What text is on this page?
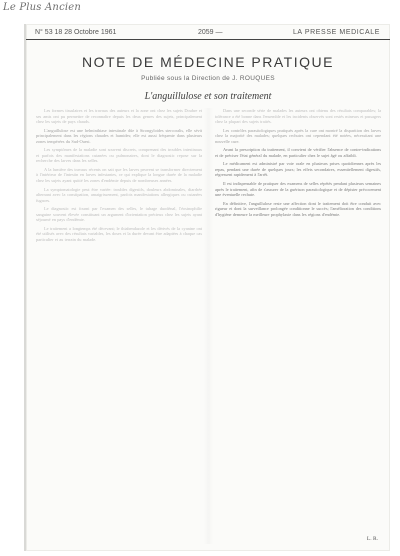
Le Plus Ancien
N° 53 18 28 Octobre 1961	2059 —	LA PRESSE MEDICALE
NOTE DE MÉDECINE PRATIQUE
Publiée sous la Direction de J. ROUQUES
L'anguillulose et son traitement

Les formes tissulaires et les travaux des auteurs et la zone ont chez les sujets Doubre et ses amis ont pu permettre de reconnaître depuis les deux genres des sujets, principalement chez les sujets de pays chauds.

L'anguillulose est une helminthiase intestinale dûe à Strongyloides stercoralis, elle sévit principalement dans les régions chaudes et humides; elle est aussi fréquente dans plusieurs zones tempérées du Sud-Ouest.

Les symptômes de la maladie sont souvent discrets, comprenant des troubles intestinaux et parfois des manifestations cutanées ou pulmonaires, dont le diagnostic repose sur la recherche des larves dans les selles.

A la lumière des travaux récents on sait que les larves peuvent se transformer directement à l'intérieur de l'intestin en larves infestantes, ce qui explique la longue durée de la maladie chez les sujets ayant quitté les zones d'endémie depuis de nombreuses années.

La symptomatologie peut être variée: troubles digestifs, douleurs abdominales, diarrhée alternant avec la constipation, amaigrissement, parfois manifestations allergiques ou cutanées fugaces.

Le diagnostic est fourni par l'examen des selles, le tubage duodénal, l'éosinophilie sanguine souvent élevée constituant un argument d'orientation précieux chez les sujets ayant séjourné en pays d'endémie.

Le traitement a longtemps été décevant; le thiabendazole et les dérivés de la cyanine ont été utilisés avec des résultats variables, les doses et la durée devant être adaptées à chaque cas particulier et au terrain du malade.

Dans une seconde série de malades les auteurs ont obtenu des résultats comparables; la tolérance a été bonne dans l'ensemble et les incidents observés sont restés mineurs et passagers chez la plupart des sujets traités.

Les contrôles parasitologiques pratiqués après la cure ont montré la disparition des larves chez la majorité des malades; quelques rechutes ont cependant été notées, nécessitant une nouvelle cure.

Avant la prescription du traitement, il convient de vérifier l'absence de contre-indications et de préciser l'état général du malade, en particulier chez le sujet âgé ou affaibli.

Le médicament est administré par voie orale en plusieurs prises quotidiennes après les repas, pendant une durée de quelques jours; les effets secondaires, essentiellement digestifs, régressent rapidement à l'arrêt.

Il est indispensable de pratiquer des examens de selles répétés pendant plusieurs semaines après le traitement, afin de s'assurer de la guérison parasitologique et de dépister précocement une éventuelle rechute.

En définitive, l'anguillulose reste une affection dont le traitement doit être conduit avec rigueur et dont la surveillance prolongée conditionne le succès; l'amélioration des conditions d'hygiène demeure la meilleure prophylaxie dans les régions d'endémie.

L. R.
